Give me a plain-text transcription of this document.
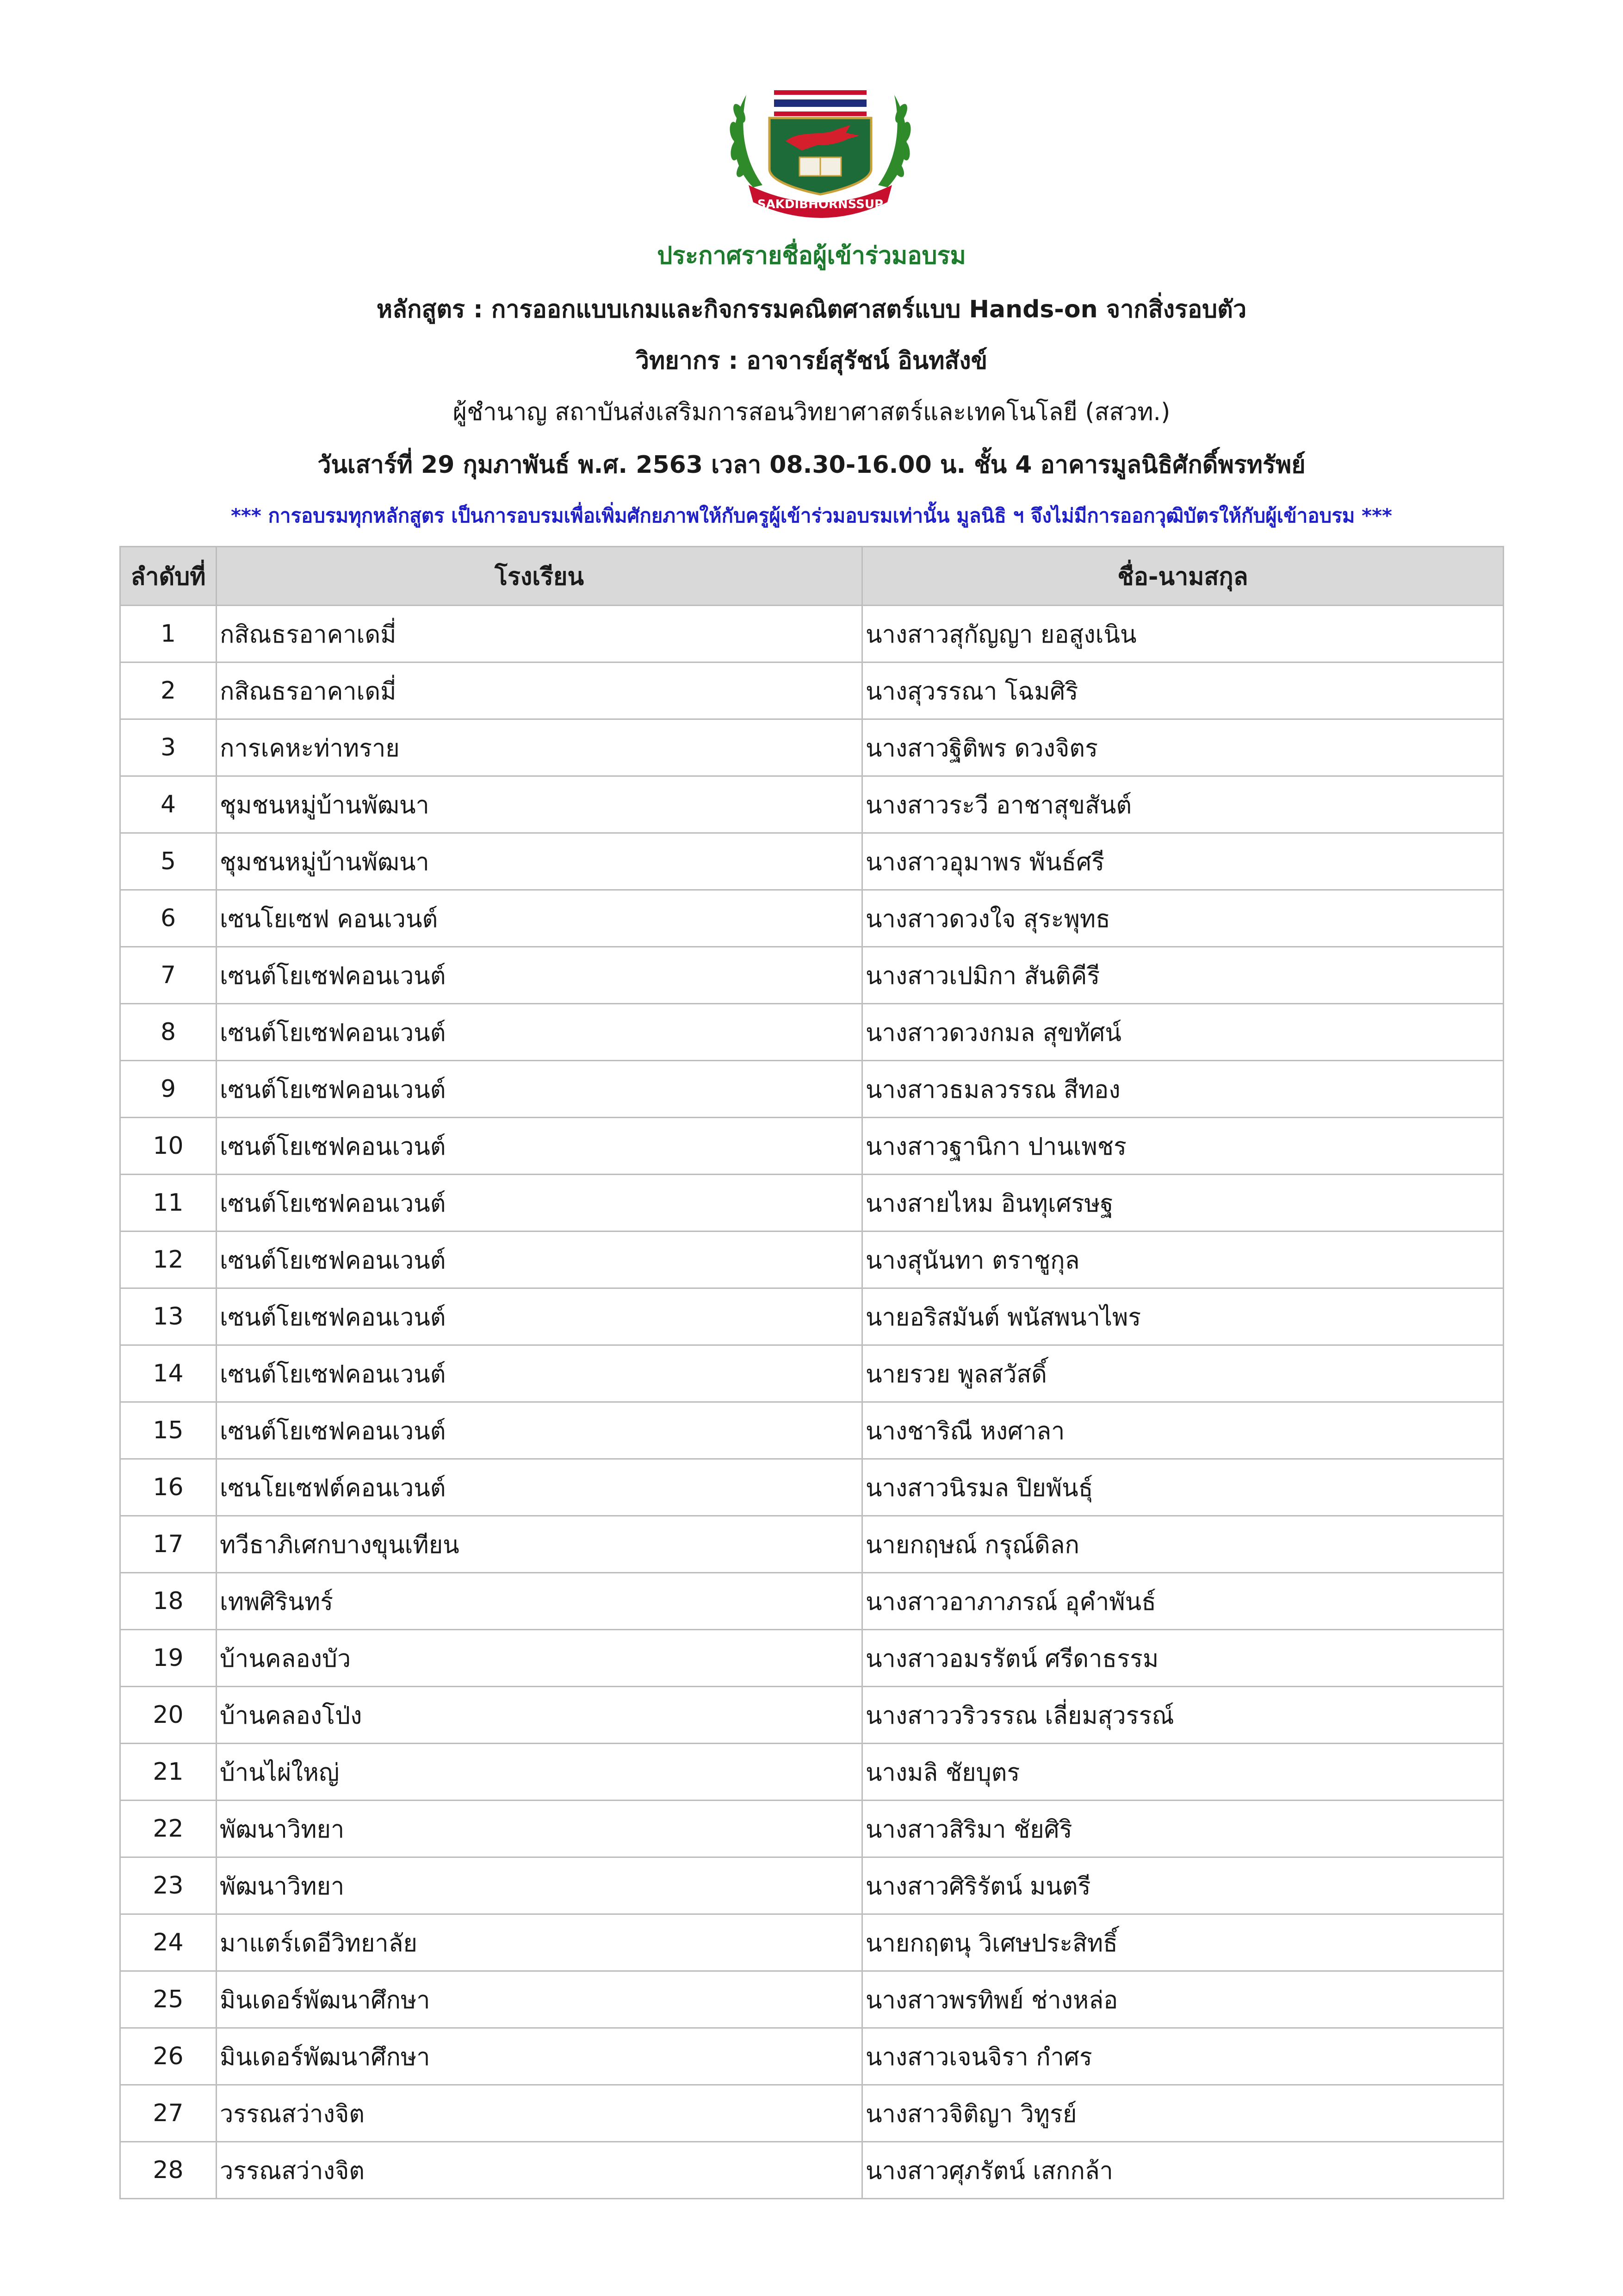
SAKDIBHORNSSUP
ประกาศรายชื่อผู้เข้าร่วมอบรม
หลักสูตร : การออกแบบเกมและกิจกรรมคณิตศาสตร์แบบ Hands-on จากสิ่งรอบตัว
วิทยากร : อาจารย์สุรัชน์ อินทสังข์
ผู้ชำนาญ สถาบันส่งเสริมการสอนวิทยาศาสตร์และเทคโนโลยี (สสวท.)
วันเสาร์ที่ 29 กุมภาพันธ์ พ.ศ. 2563 เวลา 08.30-16.00 น. ชั้น 4 อาคารมูลนิธิศักดิ์พรทรัพย์
*** การอบรมทุกหลักสูตร เป็นการอบรมเพื่อเพิ่มศักยภาพให้กับครูผู้เข้าร่วมอบรมเท่านั้น มูลนิธิ ฯ จึงไม่มีการออกวุฒิบัตรให้กับผู้เข้าอบรม ***
ลำดับที่	โรงเรียน	ชื่อ-นามสกุล
1	กสิณธรอาคาเดมี่	นางสาวสุกัญญา ยอสูงเนิน
2	กสิณธรอาคาเดมี่	นางสุวรรณา โฉมศิริ
3	การเคหะท่าทราย	นางสาวฐิติพร ดวงจิตร
4	ชุมชนหมู่บ้านพัฒนา	นางสาวระวี อาชาสุขสันต์
5	ชุมชนหมู่บ้านพัฒนา	นางสาวอุมาพร พันธ์ศรี
6	เซนโยเซฟ คอนเวนต์	นางสาวดวงใจ สุระพุทธ
7	เซนต์โยเซฟคอนเวนต์	นางสาวเปมิกา สันติคีรี
8	เซนต์โยเซฟคอนเวนต์	นางสาวดวงกมล สุขทัศน์
9	เซนต์โยเซฟคอนเวนต์	นางสาวธมลวรรณ สีทอง
10	เซนต์โยเซฟคอนเวนต์	นางสาวฐานิกา ปานเพชร
11	เซนต์โยเซฟคอนเวนต์	นางสายไหม อินทุเศรษฐ
12	เซนต์โยเซฟคอนเวนต์	นางสุนันทา ตราชูกุล
13	เซนต์โยเซฟคอนเวนต์	นายอริสมันต์ พนัสพนาไพร
14	เซนต์โยเซฟคอนเวนต์	นายรวย พูลสวัสดิ์
15	เซนต์โยเซฟคอนเวนต์	นางชาริณี หงศาลา
16	เซนโยเซฟต์คอนเวนต์	นางสาวนิรมล ปิยพันธุ์
17	ทวีธาภิเศกบางขุนเทียน	นายกฤษณ์ กรุณ์ดิลก
18	เทพศิรินทร์	นางสาวอาภาภรณ์ อุคำพันธ์
19	บ้านคลองบัว	นางสาวอมรรัตน์ ศรีดาธรรม
20	บ้านคลองโป่ง	นางสาววริวรรณ เลี่ยมสุวรรณ์
21	บ้านไผ่ใหญ่	นางมลิ ชัยบุตร
22	พัฒนาวิทยา	นางสาวสิริมา ชัยศิริ
23	พัฒนาวิทยา	นางสาวศิริรัตน์ มนตรี
24	มาแตร์เดอีวิทยาลัย	นายกฤตนุ วิเศษประสิทธิ์
25	มินเดอร์พัฒนาศึกษา	นางสาวพรทิพย์ ช่างหล่อ
26	มินเดอร์พัฒนาศึกษา	นางสาวเจนจิรา กำศร
27	วรรณสว่างจิต	นางสาวจิติญา วิทูรย์
28	วรรณสว่างจิต	นางสาวศุภรัตน์ เสกกล้า
